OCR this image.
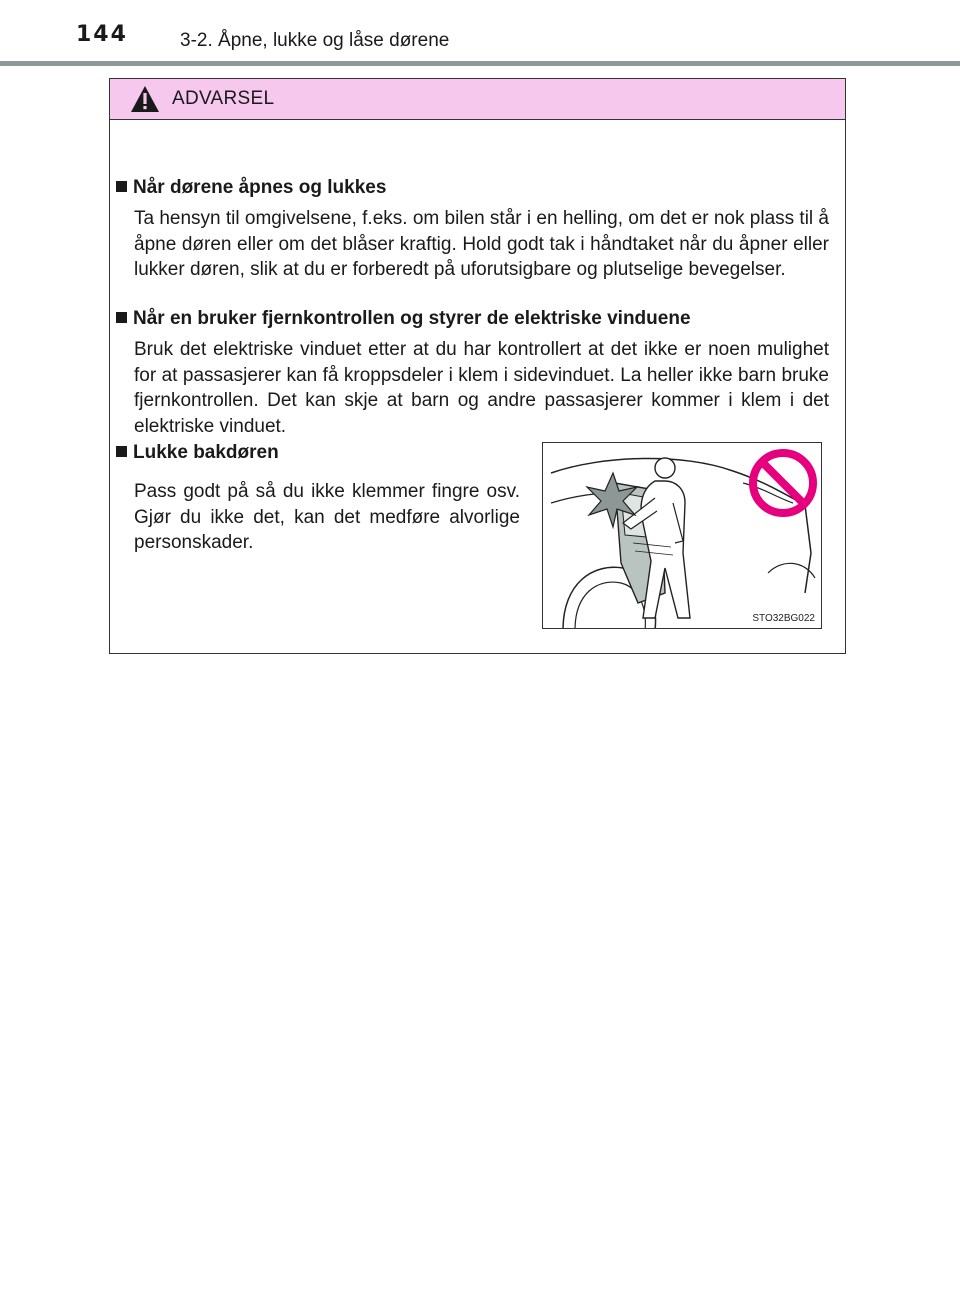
144	3-2. Åpne, lukke og låse dørene
ADVARSEL
Når dørene åpnes og lukkes
Ta hensyn til omgivelsene, f.eks. om bilen står i en helling, om det er nok plass til å åpne døren eller om det blåser kraftig. Hold godt tak i håndtaket når du åpner eller lukker døren, slik at du er forberedt på uforutsigbare og plutselige bevegelser.
Når en bruker fjernkontrollen og styrer de elektriske vinduene
Bruk det elektriske vinduet etter at du har kontrollert at det ikke er noen mulighet for at passasjerer kan få kroppsdeler i klem i sidevinduet. La heller ikke barn bruke fjernkontrollen. Det kan skje at barn og andre passasjerer kommer i klem i det elektriske vinduet.
Lukke bakdøren
Pass godt på så du ikke klemmer fingre osv. Gjør du ikke det, kan det medføre alvorlige personskader.
STO32BG022
